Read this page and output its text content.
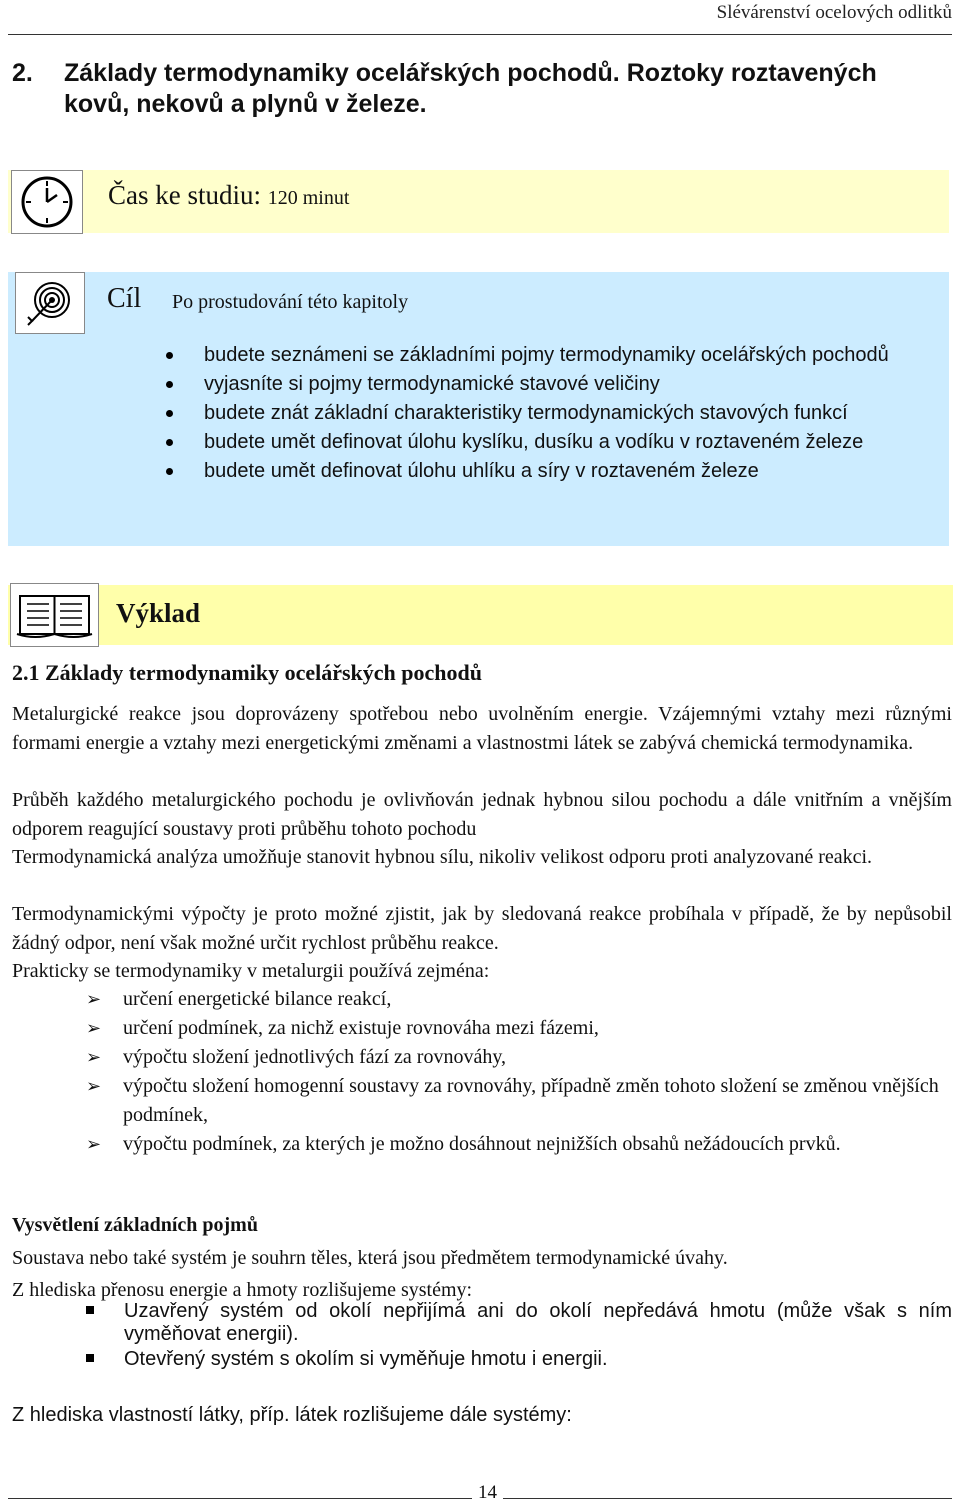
Slévárenství ocelových odlitků
2. Základy termodynamiky ocelářských pochodů. Roztoky roztavených
kovů, nekovů a plynů v železe.
Čas ke studiu: 120 minut
Cíl Po prostudování této kapitoly
budete seznámeni se základními pojmy termodynamiky ocelářských pochodů
vyjasníte si pojmy termodynamické stavové veličiny
budete znát základní charakteristiky termodynamických stavových funkcí
budete umět definovat úlohu kyslíku, dusíku a vodíku v roztaveném železe
budete umět definovat úlohu uhlíku a síry v roztaveném železe
Výklad
2.1 Základy termodynamiky ocelářských pochodů
Metalurgické reakce jsou doprovázeny spotřebou nebo uvolněním energie. Vzájemnými vztahy mezi různými formami energie a vztahy mezi energetickými změnami a vlastnostmi látek se zabývá chemická termodynamika.
Průběh každého metalurgického pochodu je ovlivňován jednak hybnou silou pochodu a dále vnitřním a vnějším odporem reagující soustavy proti průběhu tohoto pochodu
Termodynamická analýza umožňuje stanovit hybnou sílu, nikoliv velikost odporu proti analyzované reakci.
Termodynamickými výpočty je proto možné zjistit, jak by sledovaná reakce probíhala v případě, že by nepůsobil žádný odpor, není však možné určit rychlost průběhu reakce.
Prakticky se termodynamiky v metalurgii používá zejména:
➢ určení energetické bilance reakcí,
➢ určení podmínek, za nichž existuje rovnováha mezi fázemi,
➢ výpočtu složení jednotlivých fází za rovnováhy,
➢ výpočtu složení homogenní soustavy za rovnováhy, případně změn tohoto složení se změnou vnějších podmínek,
➢ výpočtu podmínek, za kterých je možno dosáhnout nejnižších obsahů nežádoucích prvků.
Vysvětlení základních pojmů
Soustava nebo také systém je souhrn těles, která jsou předmětem termodynamické úvahy.
Z hlediska přenosu energie a hmoty rozlišujeme systémy:
Uzavřený systém od okolí nepřijímá ani do okolí nepředává hmotu (může však s ním vyměňovat energii).
Otevřený systém s okolím si vyměňuje hmotu i energii.
Z hlediska vlastností látky, příp. látek rozlišujeme dále systémy:
14
